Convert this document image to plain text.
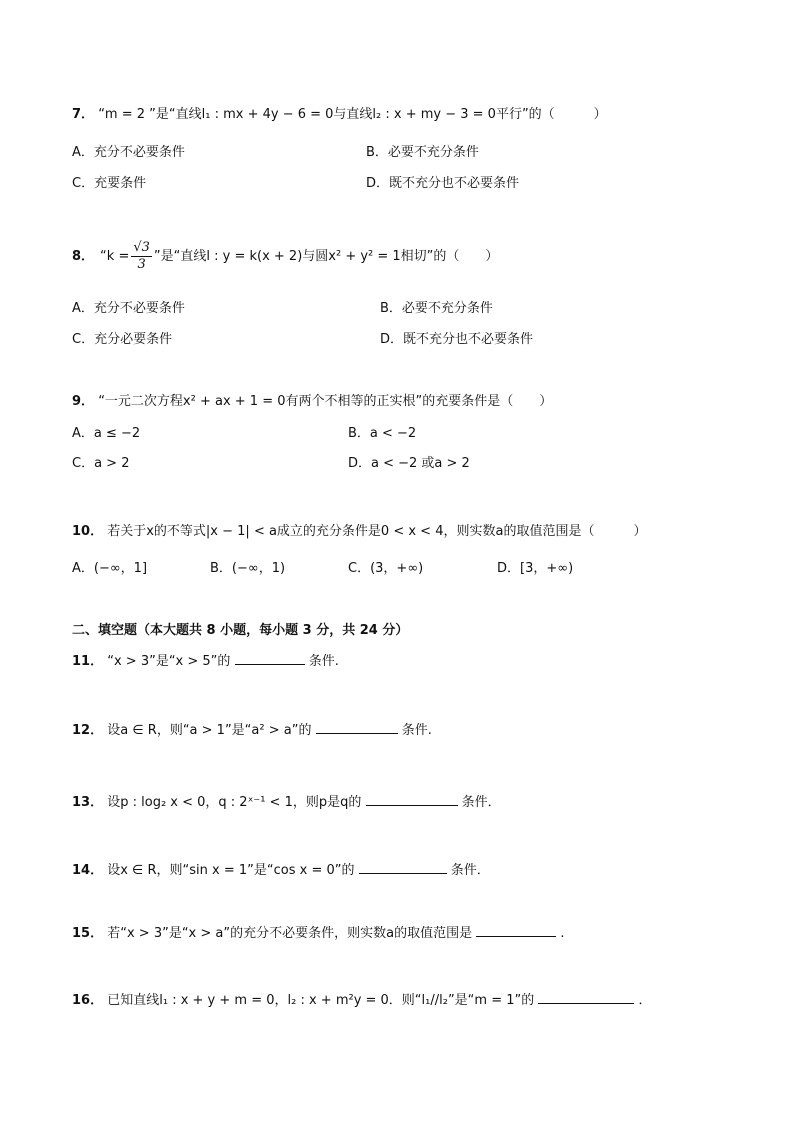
7． “m = 2 ”是“直线l₁ : mx + 4y − 6 = 0与直线l₂ : x + my − 3 = 0平行”的（　　　）
A．充分不必要条件	B．必要不充分条件
C．充要条件	D．既不充分也不必要条件
8． “$k = \frac{√3}{3}$ ”是“直线l : y = k(x + 2)与圆x² + y² = 1相切”的（　　）
A．充分不必要条件	B．必要不充分条件
C．充分必要条件	D．既不充分也不必要条件
9． “一元二次方程x² + ax + 1 = 0有两个不相等的正实根”的充要条件是（　　）
A．a ≤ −2	B．a < −2
C．a > 2	D．a < −2 或a > 2
10． 若关于x的不等式|x − 1| < a成立的充分条件是0 < x < 4，则实数a的取值范围是（　　　）
A．(−∞，1]	B．(−∞，1)	C．(3，+∞)	D．[3，+∞)
二、填空题（本大题共 8 小题，每小题 3 分，共 24 分）
11． “x > 3”是“x > 5”的	条件.
12． 设a ∈ R，则“a > 1”是“a² > a”的	条件.
13． 设p : log₂ x < 0，q : 2ˣ⁻¹ < 1，则p是q的	条件．
14． 设x ∈ R，则“sin x = 1”是“cos x = 0”的	条件．
15． 若“x > 3”是“x > a”的充分不必要条件，则实数a的取值范围是	.
16． 已知直线l₁ : x + y + m = 0，l₂ : x + m²y = 0．则“l₁//l₂”是“m = 1”的	．
